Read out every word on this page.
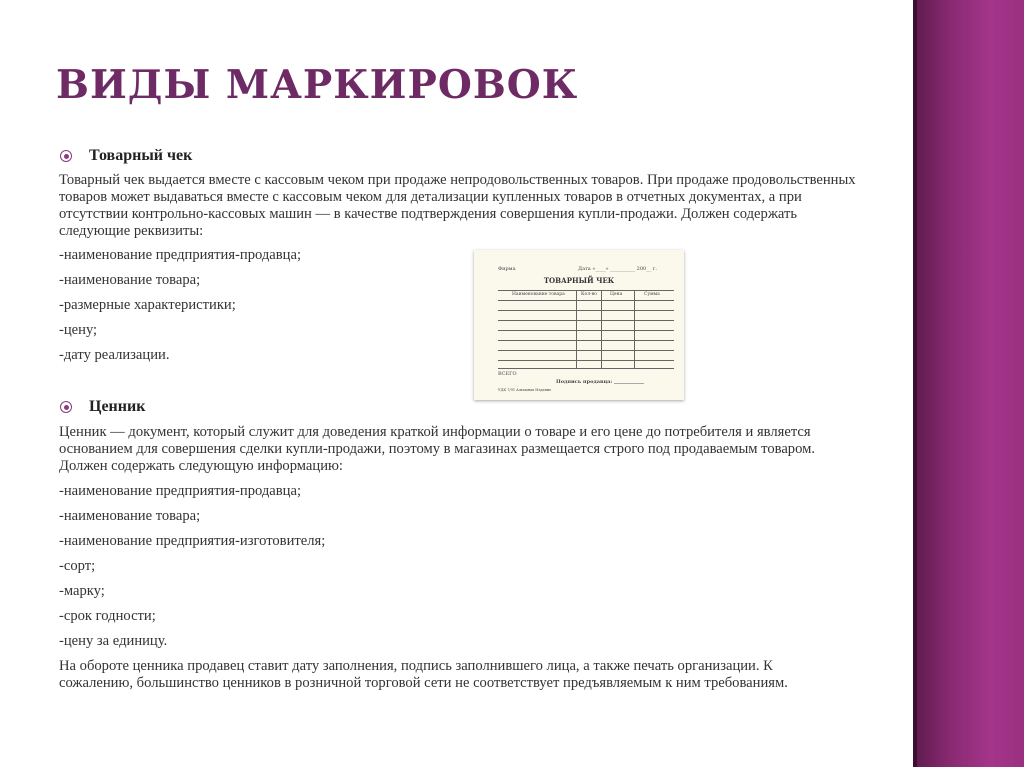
ВИДЫ МАРКИРОВОК
Товарный чек
Товарный чек выдается вместе с кассовым чеком при продаже непродовольственных товаров. При продаже продовольственных товаров может выдаваться вместе с кассовым чеком для детализации купленных товаров в отчетных документах, а при отсутствии контрольно-кассовых машин — в качестве подтверждения совершения купли-продажи. Должен содержать следующие реквизиты:
-наименование предприятия-продавца;
-наименование товара;
-размерные характеристики;
-цену;
-дату реализации.
Фирма	Дата «____» __________ 200__ г.
ТОВАРНЫЙ ЧЕК
Наименование товара	Кол-во	Цена	Сумма
ВСЕГО
Подпись продавца: ____________
УДК 7/91 Альманах Издание
Ценник
Ценник — документ, который служит для доведения краткой информации о товаре и его цене до потребителя и является основанием для совершения сделки купли-продажи, поэтому в магазинах размещается строго под продаваемым товаром. Должен содержать следующую информацию:
-наименование предприятия-продавца;
-наименование товара;
-наименование предприятия-изготовителя;
-сорт;
-марку;
-срок годности;
-цену за единицу.
На обороте ценника продавец ставит дату заполнения, подпись заполнившего лица, а также печать организации. К сожалению, большинство ценников в розничной торговой сети не соответствует предъявляемым к ним требованиям.
